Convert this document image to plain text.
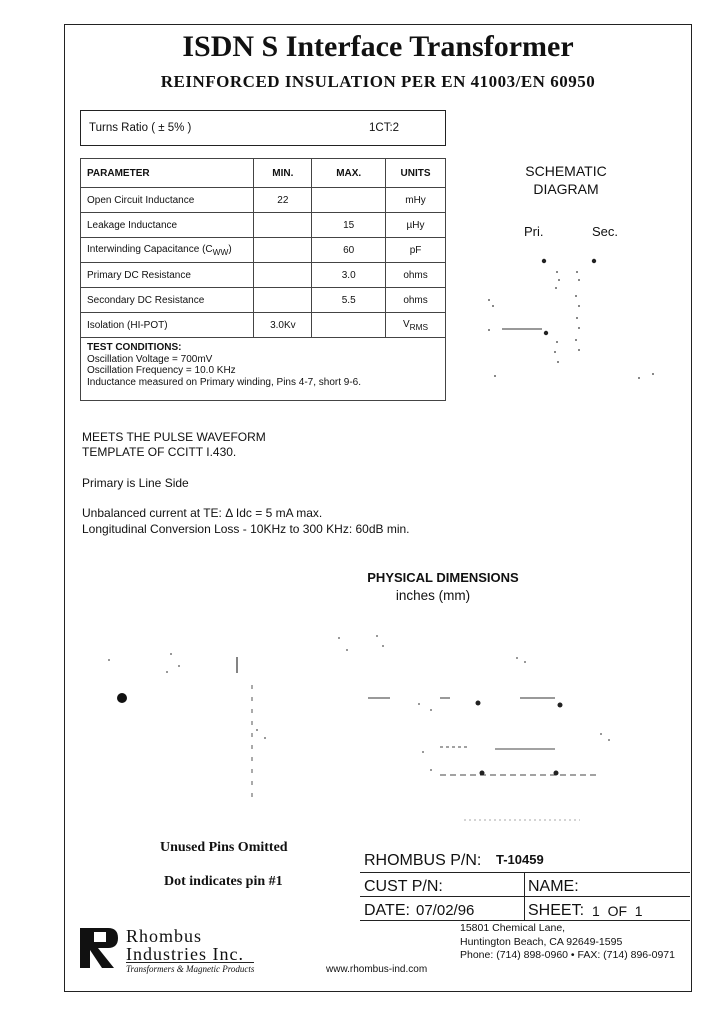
ISDN S Interface Transformer
REINFORCED INSULATION PER EN 41003/EN 60950
Turns Ratio ( ± 5% )	1CT:2
PARAMETER	MIN.	MAX.	UNITS
Open Circuit Inductance	22		mHy
Leakage Inductance		15	µHy
Interwinding Capacitance $(C_{WW})$		60	pF
Primary DC Resistance		3.0	ohms
Secondary DC Resistance		5.5	ohms
Isolation (HI-POT)	3.0Kv		$V_{RMS}$

TEST CONDITIONS:
Oscillation Voltage = 700mV
Oscillation Frequency = 10.0 KHz
Inductance measured on Primary winding, Pins 4-7, short 9-6.			
SCHEMATIC
DIAGRAM
Pri.	Sec.
MEETS THE PULSE WAVEFORM
TEMPLATE OF CCITT I.430.
Primary is Line Side
Unbalanced current at TE: Δ Idc = 5 mA max.
Longitudinal Conversion Loss - 10KHz to 300 KHz: 60dB min.
PHYSICAL DIMENSIONS
inches (mm)
Unused Pins Omitted
Dot indicates pin #1
RHOMBUS P/N: T-10459
CUST P/N:	NAME:
DATE: 07/02/96	SHEET: 1  OF  1
Rhombus
Industries Inc.
Transformers & Magnetic Products	www.rhombus-ind.com
15801 Chemical Lane,
Huntington Beach, CA 92649-1595
Phone: (714) 898-0960 • FAX: (714) 896-0971
